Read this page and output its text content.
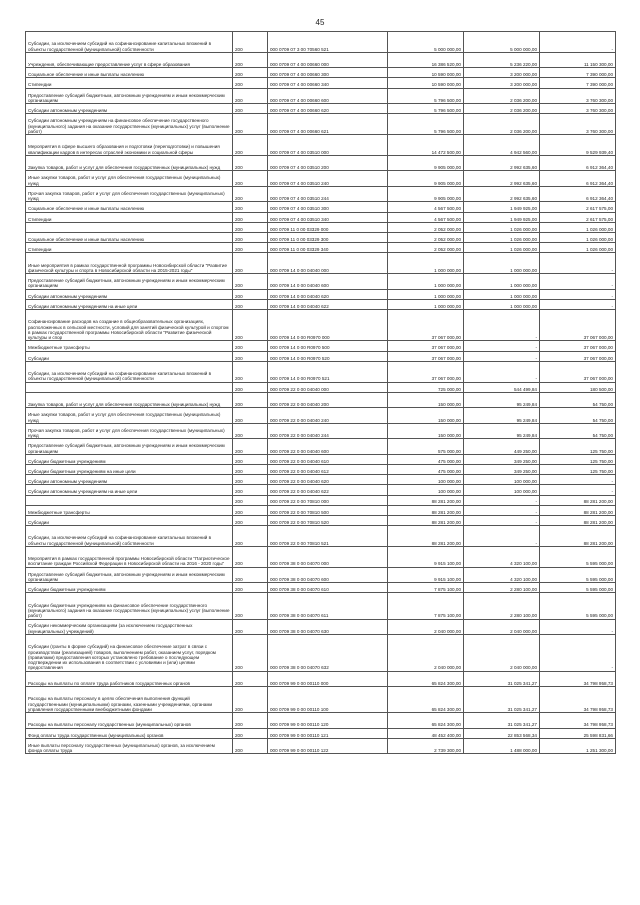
45
Субсидии, за исключением субсидий на софинансирование капитальных вложений в объекты государственной (муниципальной) собственности	200	000 0709 07 3 00 70560 521	5 000 000,00	5 000 000,00	-
Учреждения, обеспечивающие предоставление услуг в сфере образования	200	000 0709 07 4 00 00660 000	16 386 520,00	5 236 220,00	11 150 300,00
Социальное обеспечение и иные выплаты населению	200	000 0709 07 4 00 00660 300	10 590 000,00	3 200 000,00	7 390 000,00
Стипендии	200	000 0709 07 4 00 00660 340	10 590 000,00	3 200 000,00	7 390 000,00
Предоставление субсидий бюджетным, автономным учреждениям и иным некоммерческим организациям	200	000 0709 07 4 00 00660 600	5 796 500,00	2 036 200,00	3 760 300,00
Субсидии автономным учреждениям	200	000 0709 07 4 00 00660 620	5 796 500,00	2 036 200,00	3 760 300,00
Субсидии автономным учреждениям на финансовое обеспечение государственного (муниципального) задания на оказание государственных (муниципальных) услуг (выполнение работ)	200	000 0709 07 4 00 00660 621	5 796 500,00	2 036 200,00	3 760 300,00
Мероприятия в сфере высшего образования и подготовки (переподготовки) и повышения квалификации кадров в интересах отраслей экономики и социальной сферы	200	000 0709 07 4 00 03510 000	14 472 500,00	4 942 560,00	9 529 939,40
Закупка товаров, работ и услуг для обеспечения государственных (муниципальных) нужд	200	000 0709 07 4 00 03510 200	9 905 000,00	2 992 635,60	6 912 364,40
Иные закупки товаров, работ и услуг для обеспечения государственных (муниципальных) нужд	200	000 0709 07 4 00 03510 240	9 905 000,00	2 992 635,60	6 912 364,40
Прочая закупка товаров, работ и услуг для обеспечения государственных (муниципальных) нужд	200	000 0709 07 4 00 03510 244	9 905 000,00	2 992 635,60	6 912 364,40
Социальное обеспечение и иные выплаты населению	200	000 0709 07 4 00 03510 300	4 567 500,00	1 949 925,00	2 617 575,00
Стипендии	200	000 0709 07 4 00 03510 340	4 567 500,00	1 949 925,00	2 617 575,00
	200	000 0709 11 0 00 03329 000	2 052 000,00	1 026 000,00	1 026 000,00
Социальное обеспечение и иные выплаты населению	200	000 0709 11 0 00 03329 300	2 052 000,00	1 026 000,00	1 026 000,00
Стипендии	200	000 0709 11 0 00 03329 340	2 052 000,00	1 026 000,00	1 026 000,00
Иные мероприятия в рамках государственной программы Новосибирской области "Развитие физической культуры и спорта в Новосибирской области на 2015-2021 годы"	200	000 0709 14 0 00 04040 000	1 000 000,00	1 000 000,00	-
Предоставление субсидий бюджетным, автономным учреждениям и иным некоммерческим организациям	200	000 0709 14 0 00 04040 600	1 000 000,00	1 000 000,00	-
Субсидии автономным учреждениям	200	000 0709 14 0 00 04040 620	1 000 000,00	1 000 000,00	-
Субсидии автономным учреждениям на иные цели	200	000 0709 14 0 00 04040 622	1 000 000,00	1 000 000,00	-
Софинансирование расходов на создание в общеобразовательных организациях, расположенных в сельской местности, условий для занятий физической культурой и спортом в рамках государственной программы Новосибирской области "Развитие физической культуры и спор	200	000 0709 14 0 00 R0970 000	37 067 000,00	-	37 067 000,00
Межбюджетные трансферты	200	000 0709 14 0 00 R0970 500	37 067 000,00	-	37 067 000,00
Субсидии	200	000 0709 14 0 00 R0970 520	37 067 000,00	-	37 067 000,00
Субсидии, за исключением субсидий на софинансирование капитальных вложений в объекты государственной (муниципальной) собственности	200	000 0709 14 0 00 R0970 521	37 067 000,00	-	37 067 000,00
	200	000 0709 22 0 00 04040 000	725 000,00	544 499,84	180 500,00
Закупка товаров, работ и услуг для обеспечения государственных (муниципальных) нужд	200	000 0709 22 0 00 04040 200	150 000,00	95 249,84	54 750,00
Иные закупки товаров, работ и услуг для обеспечения государственных (муниципальных) нужд	200	000 0709 22 0 00 04040 240	150 000,00	95 249,84	54 750,00
Прочая закупка товаров, работ и услуг для обеспечения государственных (муниципальных) нужд	200	000 0709 22 0 00 04040 244	150 000,00	95 249,84	54 750,00
Предоставление субсидий бюджетным, автономным учреждениям и иным некоммерческим организациям	200	000 0709 22 0 00 04040 600	575 000,00	449 250,00	125 750,00
Субсидии бюджетным учреждениям	200	000 0709 22 0 00 04040 610	475 000,00	349 250,00	125 750,00
Субсидии бюджетным учреждениям на иные цели	200	000 0709 22 0 00 04040 612	475 000,00	349 250,00	125 750,00
Субсидии автономным учреждениям	200	000 0709 22 0 00 04040 620	100 000,00	100 000,00	-
Субсидии автономным учреждениям на иные цели	200	000 0709 22 0 00 04040 622	100 000,00	100 000,00	-
	200	000 0709 22 0 00 70810 000	88 281 200,00	-	88 281 200,00
Межбюджетные трансферты	200	000 0709 22 0 00 70810 500	88 281 200,00	-	88 281 200,00
Субсидии	200	000 0709 22 0 00 70810 520	88 281 200,00	-	88 281 200,00
Субсидии, за исключением субсидий на софинансирование капитальных вложений в объекты государственной (муниципальной) собственности	200	000 0709 22 0 00 70810 521	88 281 200,00	-	88 281 200,00
Мероприятия в рамках государственной программы Новосибирской области "Патриотическое воспитание граждан Российской Федерации в Новосибирской области на 2016 - 2020 годы"	200	000 0709 38 0 00 04070 000	9 915 100,00	4 320 100,00	5 595 000,00
Предоставление субсидий бюджетным, автономным учреждениям и иным некоммерческим организациям	200	000 0709 38 0 00 04070 600	9 915 100,00	4 320 100,00	5 595 000,00
Субсидии бюджетным учреждениям	200	000 0709 38 0 00 04070 610	7 875 100,00	2 280 100,00	5 595 000,00
Субсидии бюджетным учреждениям на финансовое обеспечение государственного (муниципального) задания на оказание государственных (муниципальных) услуг (выполнение работ)	200	000 0709 38 0 00 04070 611	7 875 100,00	2 280 100,00	5 595 000,00
Субсидии некоммерческим организациям (за исключением государственных (муниципальных) учреждений)	200	000 0709 38 0 00 04070 630	2 040 000,00	2 040 000,00	-
Субсидии (гранты в форме субсидий) на финансовое обеспечение затрат в связи с производством (реализацией) товаров, выполнением работ, оказанием услуг, порядком (правилами) предоставления которых установлено требование о последующем подтверждении их использования в соответствии с условиями и (или) целями предоставления	200	000 0709 38 0 00 04070 632	2 040 000,00	2 040 000,00	-
Расходы на выплаты по оплате труда работников государственных органов	200	000 0709 99 0 00 00110 000	65 824 300,00	31 025 341,27	34 798 958,73
Расходы на выплаты персоналу в целях обеспечения выполнения функций государственными (муниципальными) органами, казенными учреждениями, органами управления государственными внебюджетными фондами	200	000 0709 99 0 00 00110 100	65 824 300,00	31 025 341,27	34 798 958,73
Расходы на выплаты персоналу государственных (муниципальных) органов	200	000 0709 99 0 00 00110 120	65 824 300,00	31 025 341,27	34 798 958,73
Фонд оплаты труда государственных (муниципальных) органов	200	000 0709 99 0 00 00110 121	48 452 400,00	22 853 568,34	25 598 831,66
Иные выплаты персоналу государственных (муниципальных) органов, за исключением фонда оплаты труда	200	000 0709 99 0 00 00110 122	2 739 300,00	1 488 000,00	1 251 300,00
